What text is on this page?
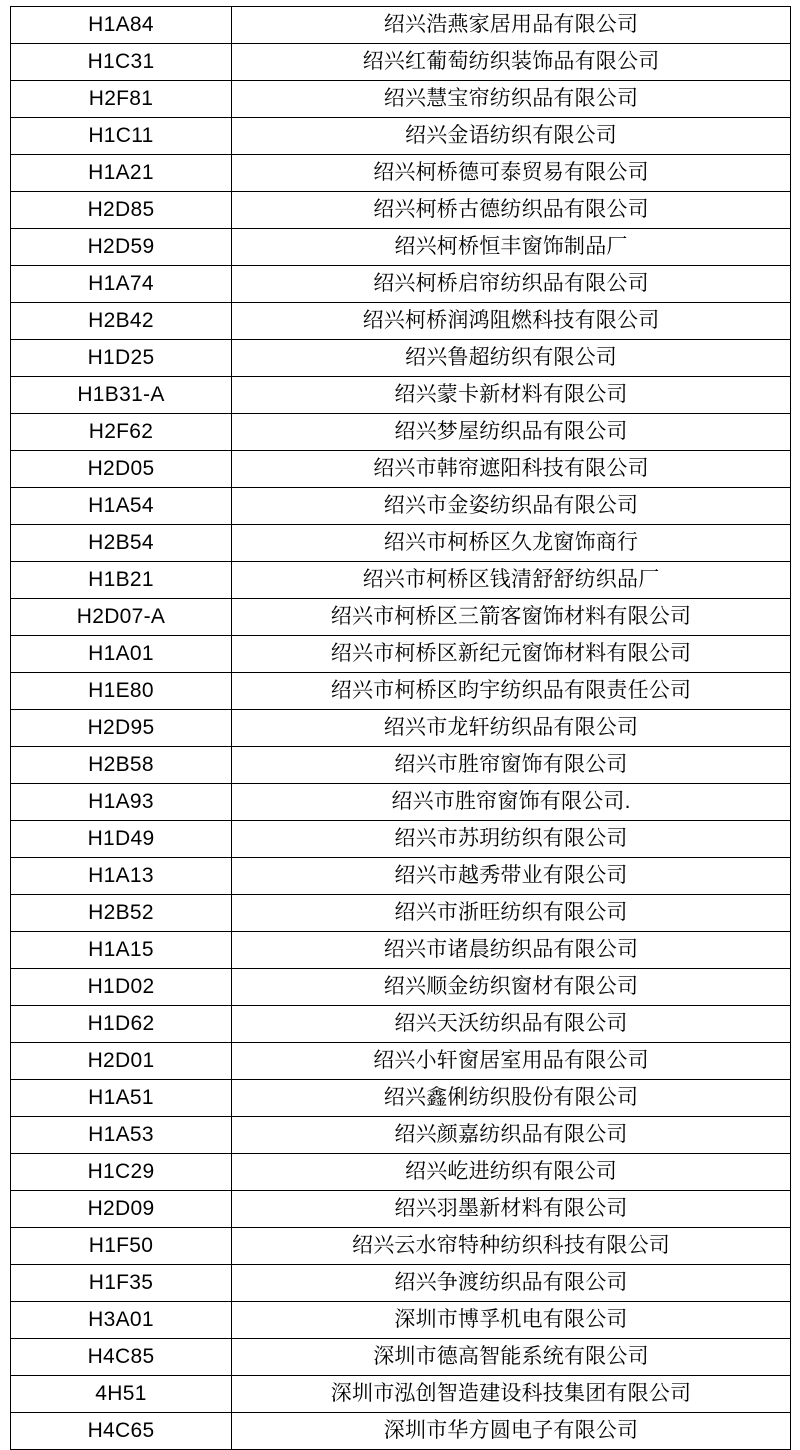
H1A84	绍兴浩燕家居用品有限公司
H1C31	绍兴红葡萄纺织装饰品有限公司
H2F81	绍兴慧宝帘纺织品有限公司
H1C11	绍兴金语纺织有限公司
H1A21	绍兴柯桥德可泰贸易有限公司
H2D85	绍兴柯桥古德纺织品有限公司
H2D59	绍兴柯桥恒丰窗饰制品厂
H1A74	绍兴柯桥启帘纺织品有限公司
H2B42	绍兴柯桥润鸿阻燃科技有限公司
H1D25	绍兴鲁超纺织有限公司
H1B31-A	绍兴蒙卡新材料有限公司
H2F62	绍兴梦屋纺织品有限公司
H2D05	绍兴市韩帘遮阳科技有限公司
H1A54	绍兴市金姿纺织品有限公司
H2B54	绍兴市柯桥区久龙窗饰商行
H1B21	绍兴市柯桥区钱清舒舒纺织品厂
H2D07-A	绍兴市柯桥区三箭客窗饰材料有限公司
H1A01	绍兴市柯桥区新纪元窗饰材料有限公司
H1E80	绍兴市柯桥区昀宇纺织品有限责任公司
H2D95	绍兴市龙轩纺织品有限公司
H2B58	绍兴市胜帘窗饰有限公司
H1A93	绍兴市胜帘窗饰有限公司.
H1D49	绍兴市苏玥纺织有限公司
H1A13	绍兴市越秀带业有限公司
H2B52	绍兴市浙旺纺织有限公司
H1A15	绍兴市诸晨纺织品有限公司
H1D02	绍兴顺金纺织窗材有限公司
H1D62	绍兴天沃纺织品有限公司
H2D01	绍兴小轩窗居室用品有限公司
H1A51	绍兴鑫俐纺织股份有限公司
H1A53	绍兴颜嘉纺织品有限公司
H1C29	绍兴屹进纺织有限公司
H2D09	绍兴羽墨新材料有限公司
H1F50	绍兴云水帘特种纺织科技有限公司
H1F35	绍兴争渡纺织品有限公司
H3A01	深圳市博孚机电有限公司
H4C85	深圳市德高智能系统有限公司
4H51	深圳市泓创智造建设科技集团有限公司
H4C65	深圳市华方圆电子有限公司
